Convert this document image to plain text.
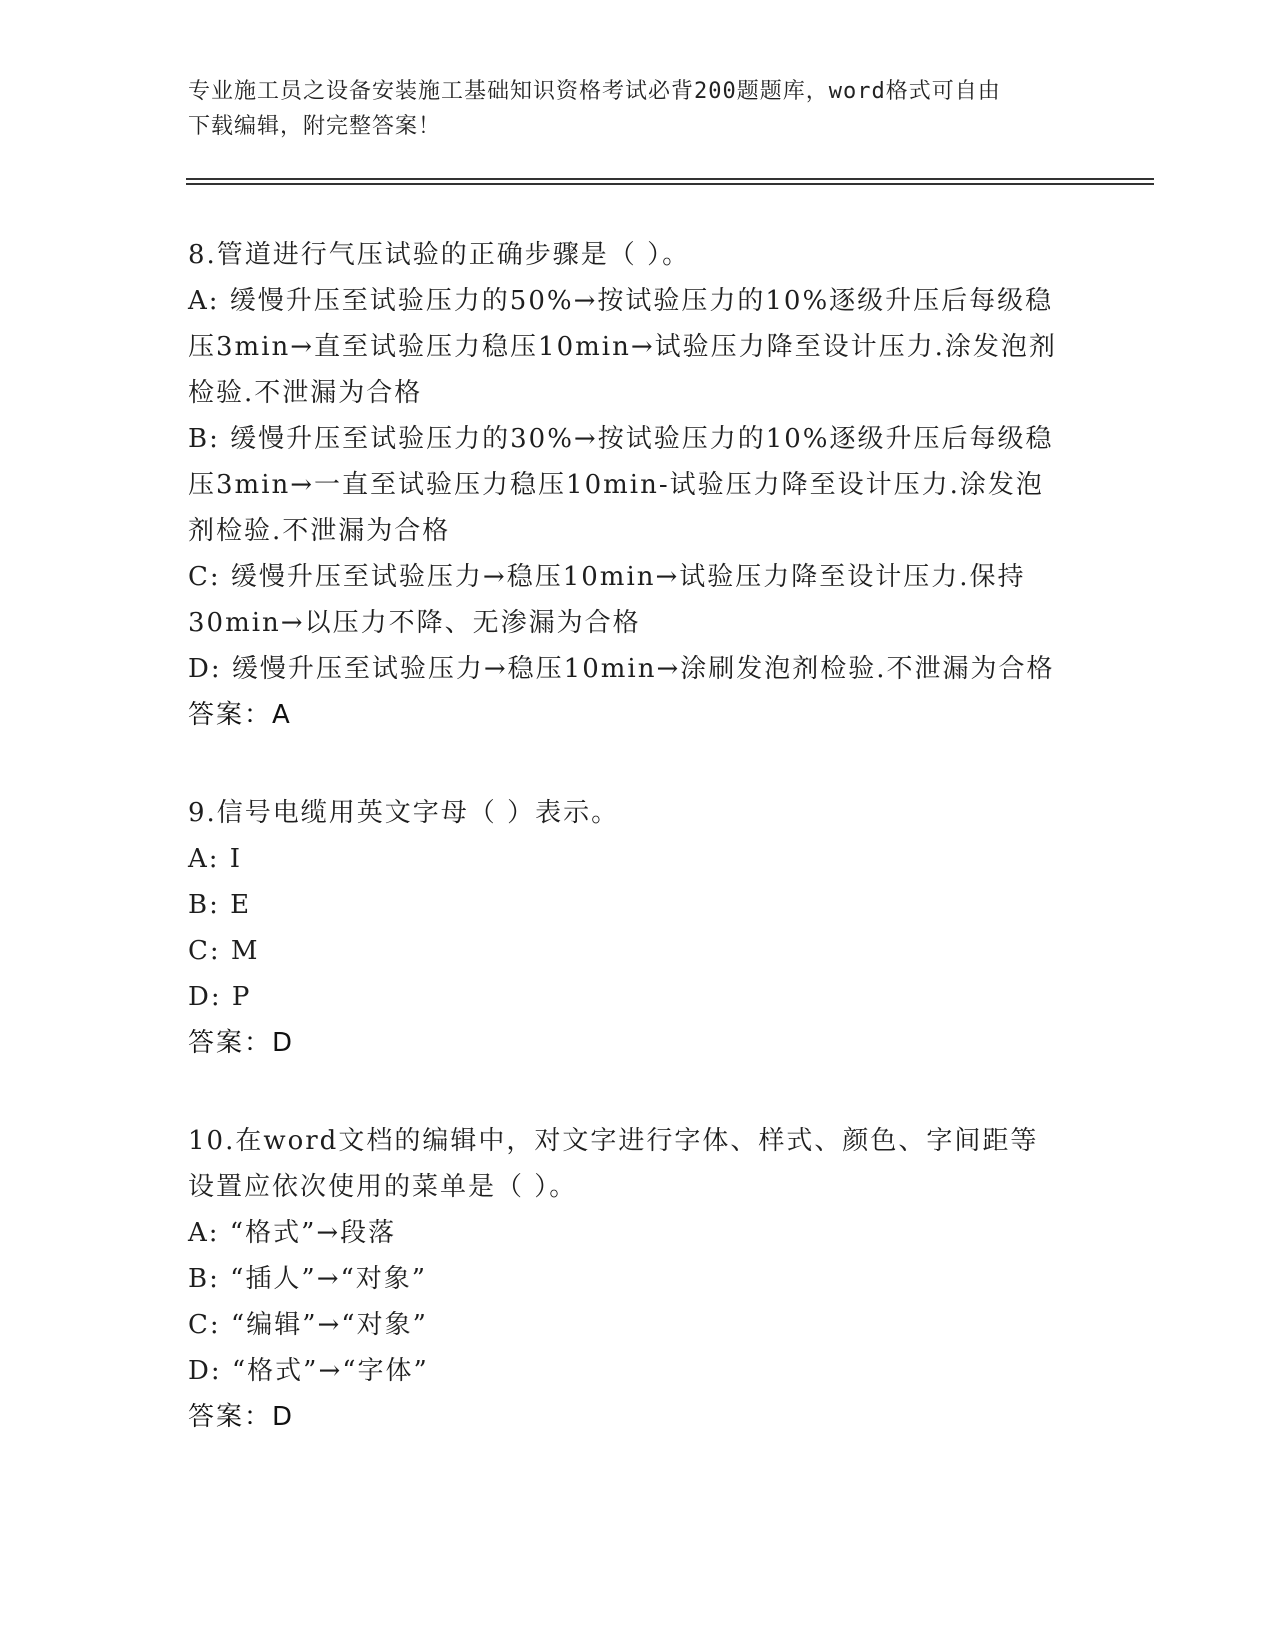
专业施工员之设备安装施工基础知识资格考试必背200题题库，word格式可自由
下载编辑，附完整答案！
8.管道进行气压试验的正确步骤是（ ）。
A: 缓慢升压至试验压力的50%→按试验压力的10%逐级升压后每级稳
压3min→直至试验压力稳压10min→试验压力降至设计压力.涂发泡剂
检验.不泄漏为合格
B: 缓慢升压至试验压力的30%→按试验压力的10%逐级升压后每级稳
压3min→一直至试验压力稳压10min-试验压力降至设计压力.涂发泡
剂检验.不泄漏为合格
C: 缓慢升压至试验压力→稳压10min→试验压力降至设计压力.保持
30min→以压力不降、无渗漏为合格
D: 缓慢升压至试验压力→稳压10min→涂刷发泡剂检验.不泄漏为合格
答案：A
9.信号电缆用英文字母（ ）表示。
A: I
B: E
C: M
D: P
答案：D
10.在word文档的编辑中，对文字进行字体、样式、颜色、字间距等
设置应依次使用的菜单是（ ）。
A: “格式”→段落
B: “插人”→“对象”
C: “编辑”→“对象”
D: “格式”→“字体”
答案：D
